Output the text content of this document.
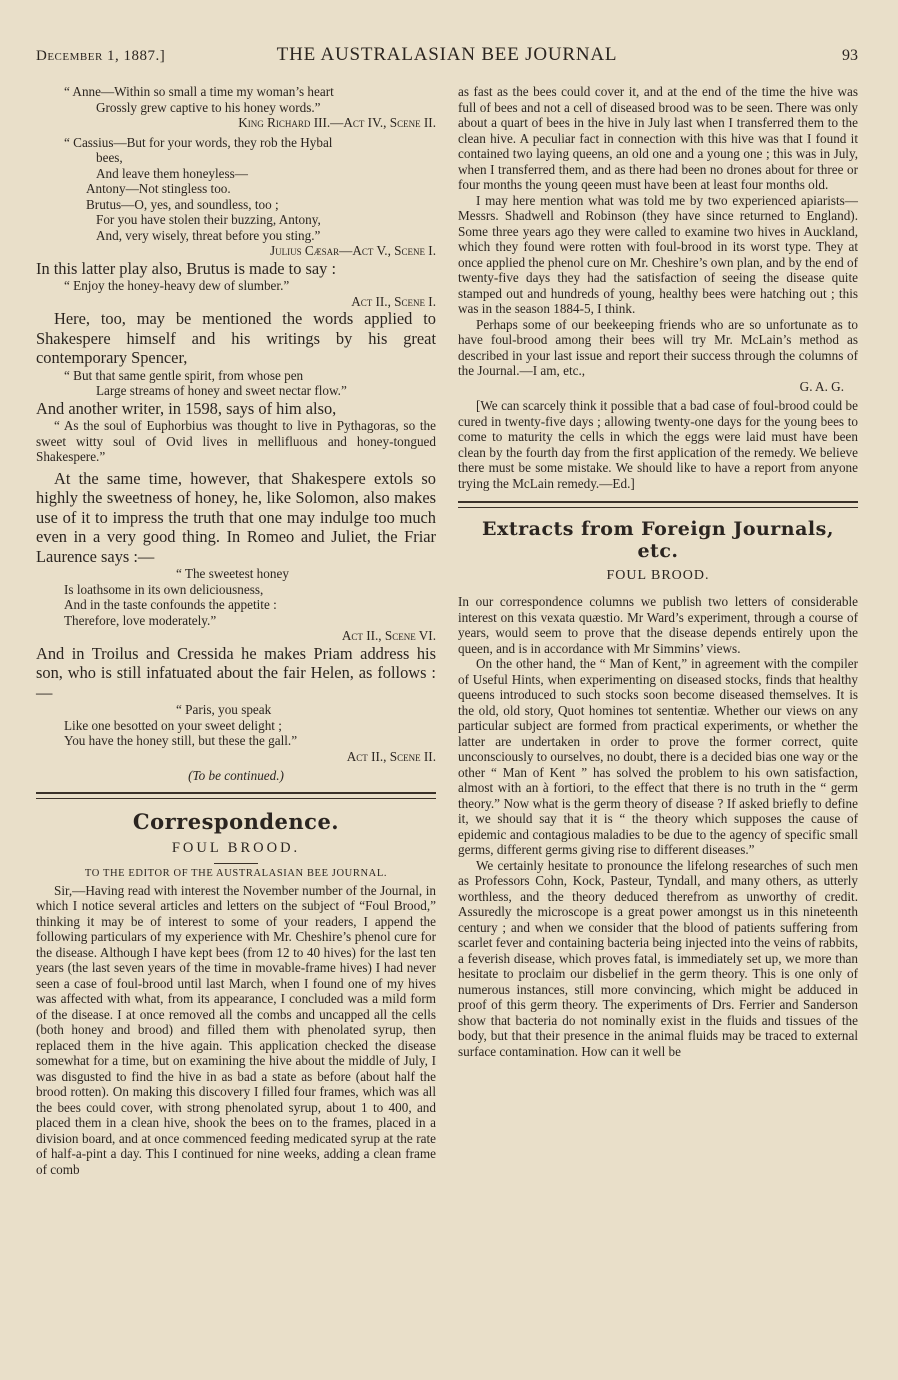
December 1, 1887.]	THE AUSTRALASIAN BEE JOURNAL	93

“ Anne—Within so small a time my woman’s heart

Grossly grew captive to his honey words.”

King Richard III.—Act IV., Scene II.

“ Cassius—But for your words, they rob the Hybal

bees,

And leave them honeyless—

Antony—Not stingless too.

Brutus—O, yes, and soundless, too ;

For you have stolen their buzzing, Antony,

And, very wisely, threat before you sting.”

Julius Cæsar—Act V., Scene I.

In this latter play also, Brutus is made to say :

“ Enjoy the honey-heavy dew of slumber.”

Act II., Scene I.

Here, too, may be mentioned the words applied to Shakespere himself and his writings by his great contemporary Spencer,

“ But that same gentle spirit, from whose pen

Large streams of honey and sweet nectar flow.”

And another writer, in 1598, says of him also,

“ As the soul of Euphorbius was thought to live in Pythagoras, so the sweet witty soul of Ovid lives in mellifluous and honey-tongued Shakespere.”

At the same time, however, that Shakespere extols so highly the sweetness of honey, he, like Solomon, also makes use of it to impress the truth that one may indulge too much even in a very good thing. In Romeo and Juliet, the Friar Laurence says :—

“ The sweetest honey

Is loathsome in its own deliciousness,

And in the taste confounds the appetite :

Therefore, love moderately.”

Act II., Scene VI.

And in Troilus and Cressida he makes Priam address his son, who is still infatuated about the fair Helen, as follows :—

“ Paris, you speak

Like one besotted on your sweet delight ;

You have the honey still, but these the gall.”

Act II., Scene II.

(To be continued.)

Correspondence.
FOUL BROOD.
TO THE EDITOR OF THE AUSTRALASIAN BEE JOURNAL.

Sir,—Having read with interest the November number of the Journal, in which I notice several articles and letters on the subject of “Foul Brood,” thinking it may be of interest to some of your readers, I append the following particulars of my experience with Mr. Cheshire’s phenol cure for the disease. Although I have kept bees (from 12 to 40 hives) for the last ten years (the last seven years of the time in movable-frame hives) I had never seen a case of foul-brood until last March, when I found one of my hives was affected with what, from its appearance, I concluded was a mild form of the disease. I at once removed all the combs and uncapped all the cells (both honey and brood) and filled them with phenolated syrup, then replaced them in the hive again. This application checked the disease somewhat for a time, but on examining the hive about the middle of July, I was disgusted to find the hive in as bad a state as before (about half the brood rotten). On making this discovery I filled four frames, which was all the bees could cover, with strong phenolated syrup, about 1 to 400, and placed them in a clean hive, shook the bees on to the frames, placed in a division board, and at once commenced feeding medicated syrup at the rate of half-a-pint a day. This I continued for nine weeks, adding a clean frame of comb

as fast as the bees could cover it, and at the end of the time the hive was full of bees and not a cell of diseased brood was to be seen. There was only about a quart of bees in the hive in July last when I transferred them to the clean hive. A peculiar fact in connection with this hive was that I found it contained two laying queens, an old one and a young one ; this was in July, when I transferred them, and as there had been no drones about for three or four months the young qeeen must have been at least four months old.

I may here mention what was told me by two experienced apiarists—Messrs. Shadwell and Robinson (they have since returned to England). Some three years ago they were called to examine two hives in Auckland, which they found were rotten with foul-brood in its worst type. They at once applied the phenol cure on Mr. Cheshire’s own plan, and by the end of twenty-five days they had the satisfaction of seeing the disease quite stamped out and hundreds of young, healthy bees were hatching out ; this was in the season 1884-5, I think.

Perhaps some of our beekeeping friends who are so unfortunate as to have foul-brood among their bees will try Mr. McLain’s method as described in your last issue and report their success through the columns of the Journal.—I am, etc.,

G. A. G.

[We can scarcely think it possible that a bad case of foul-brood could be cured in twenty-five days ; allowing twenty-one days for the young bees to come to maturity the cells in which the eggs were laid must have been clean by the fourth day from the first application of the remedy. We believe there must be some mistake. We should like to have a report from anyone trying the McLain remedy.—Ed.]

Extracts from Foreign Journals, etc.
FOUL BROOD.

In our correspondence columns we publish two letters of considerable interest on this vexata quæstio. Mr Ward’s experiment, through a course of years, would seem to prove that the disease depends entirely upon the queen, and is in accordance with Mr Simmins’ views.

On the other hand, the “ Man of Kent,” in agreement with the compiler of Useful Hints, when experimenting on diseased stocks, finds that healthy queens introduced to such stocks soon become diseased themselves. It is the old, old story, Quot homines tot sententiæ. Whether our views on any particular subject are formed from practical experiments, or whether the latter are undertaken in order to prove the former correct, quite unconsciously to ourselves, no doubt, there is a decided bias one way or the other “ Man of Kent ” has solved the problem to his own satisfaction, almost with an à fortiori, to the effect that there is no truth in the “ germ theory.” Now what is the germ theory of disease ? If asked briefly to define it, we should say that it is “ the theory which supposes the cause of epidemic and contagious maladies to be due to the agency of specific small germs, different germs giving rise to different diseases.”

We certainly hesitate to pronounce the lifelong researches of such men as Professors Cohn, Kock, Pasteur, Tyndall, and many others, as utterly worthless, and the theory deduced therefrom as unworthy of credit. Assuredly the microscope is a great power amongst us in this nineteenth century ; and when we consider that the blood of patients suffering from scarlet fever and containing bacteria being injected into the veins of rabbits, a feverish disease, which proves fatal, is immediately set up, we more than hesitate to proclaim our disbelief in the germ theory. This is one only of numerous instances, still more convincing, which might be adduced in proof of this germ theory. The experiments of Drs. Ferrier and Sanderson show that bacteria do not nominally exist in the fluids and tissues of the body, but that their presence in the animal fluids may be traced to external surface contamination. How can it well be
